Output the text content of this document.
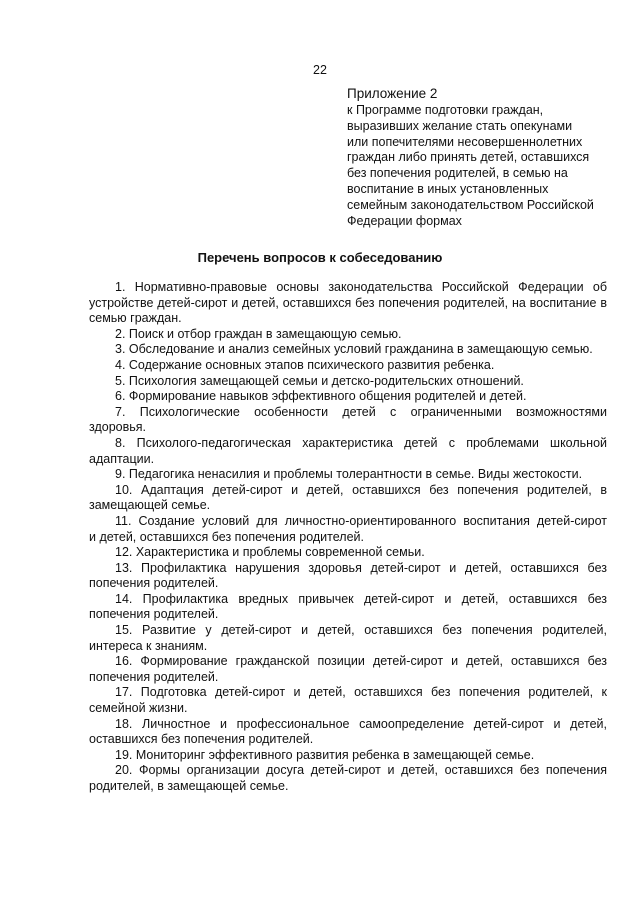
22
Приложение 2
к Программе подготовки граждан,
выразивших желание стать опекунами
или попечителями несовершеннолетних
граждан либо принять детей, оставшихся
без попечения родителей, в семью на
воспитание в иных установленных
семейным законодательством Российской
Федерации формах
Перечень вопросов к собеседованию
1. Нормативно-правовые основы законодательства Российской Федерации об
устройстве детей-сирот и детей, оставшихся без попечения родителей, на воспитание в
семью граждан.
2. Поиск и отбор граждан в замещающую семью.
3. Обследование и анализ семейных условий гражданина в замещающую семью.
4. Содержание основных этапов психического развития ребенка.
5. Психология замещающей семьи и детско-родительских отношений.
6. Формирование навыков эффективного общения родителей и детей.
7. Психологические особенности детей с ограниченными возможностями
здоровья.
8. Психолого-педагогическая характеристика детей с проблемами школьной
адаптации.
9. Педагогика ненасилия и проблемы толерантности в семье. Виды жестокости.
10. Адаптация детей-сирот и детей, оставшихся без попечения родителей, в
замещающей семье.
11. Создание условий для личностно-ориентированного воспитания детей-сирот
и детей, оставшихся без попечения родителей.
12. Характеристика и проблемы современной семьи.
13. Профилактика нарушения здоровья детей-сирот и детей, оставшихся без
попечения родителей.
14. Профилактика вредных привычек детей-сирот и детей, оставшихся без
попечения родителей.
15. Развитие у детей-сирот и детей, оставшихся без попечения родителей,
интереса к знаниям.
16. Формирование гражданской позиции детей-сирот и детей, оставшихся без
попечения родителей.
17. Подготовка детей-сирот и детей, оставшихся без попечения родителей, к
семейной жизни.
18. Личностное и профессиональное самоопределение детей-сирот и детей,
оставшихся без попечения родителей.
19. Мониторинг эффективного развития ребенка в замещающей семье.
20. Формы организации досуга детей-сирот и детей, оставшихся без попечения
родителей, в замещающей семье.
